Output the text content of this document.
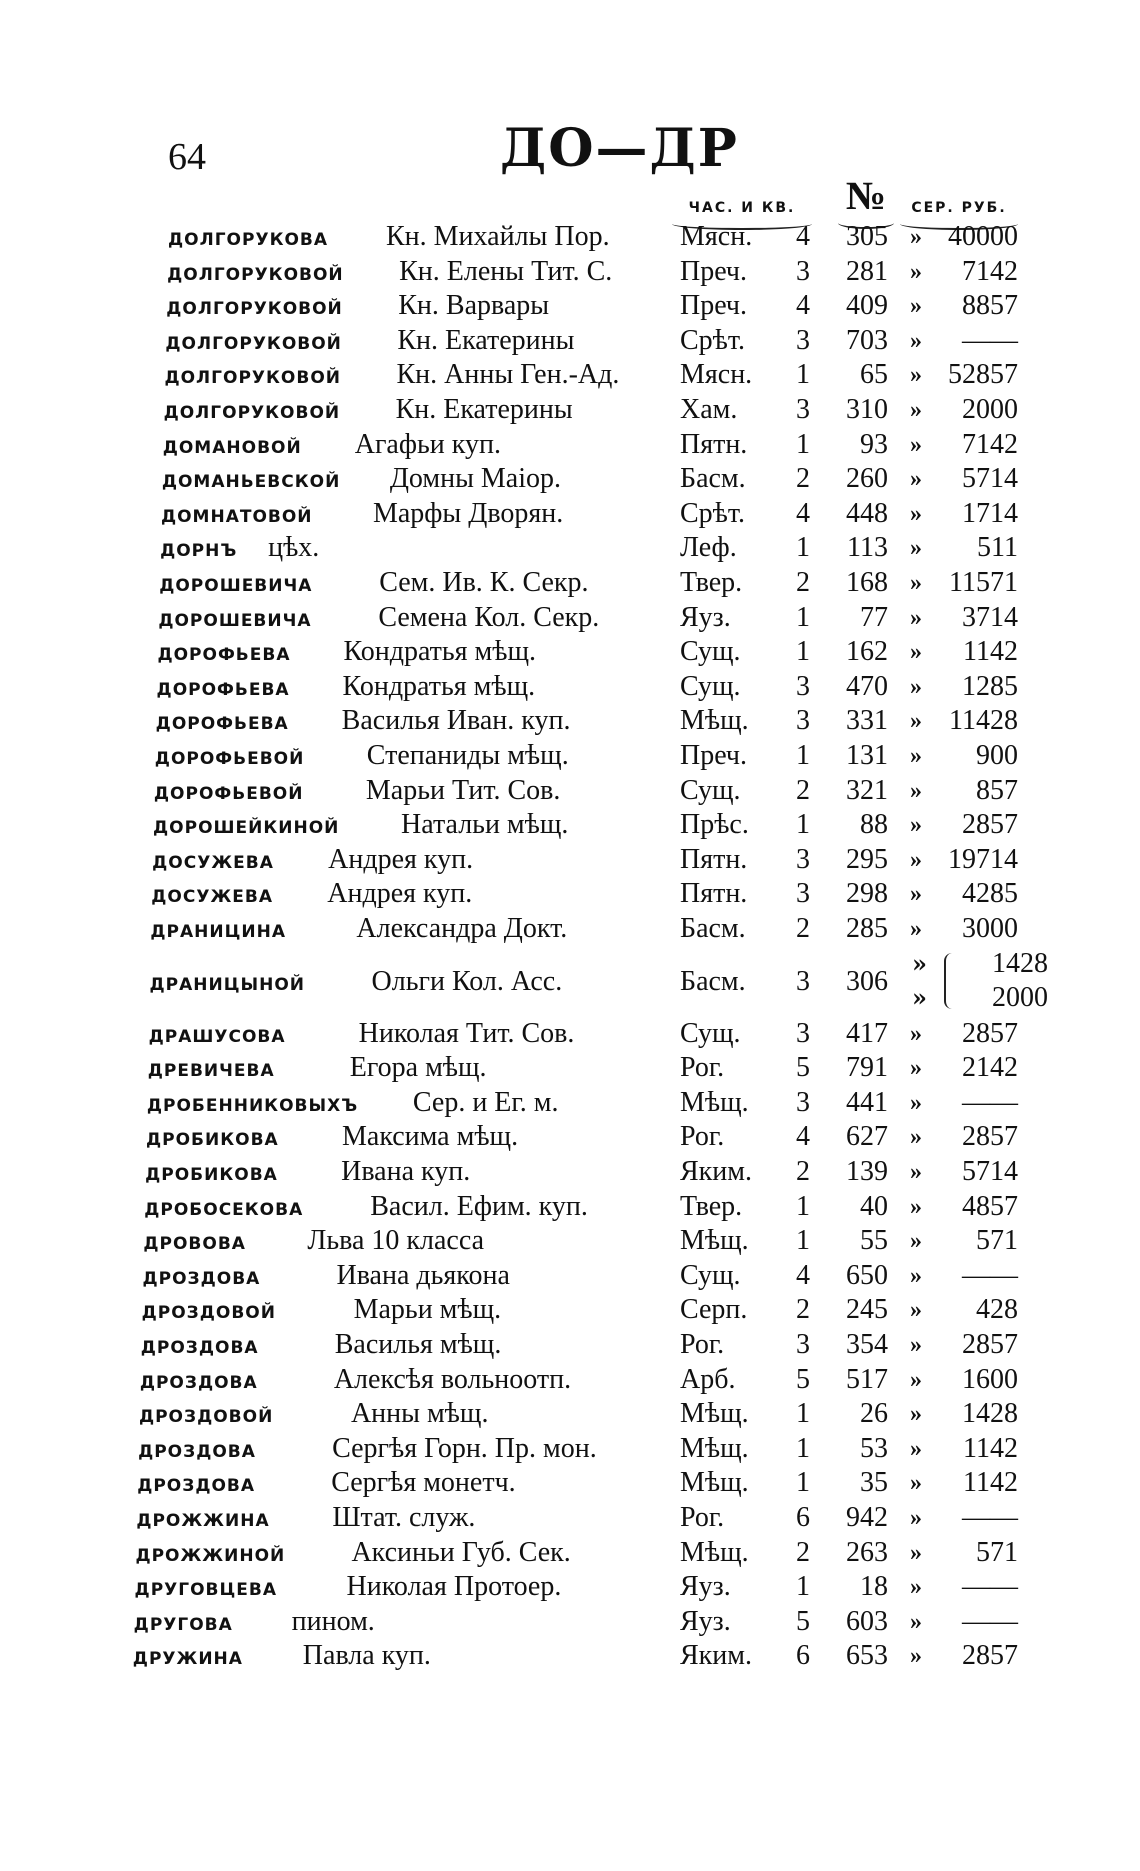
64	ДО—ДР
ЧАС. И КВ.	№	СЕР. РУБ.
долгорукова Кн. Михайлы Пор.	Мясн. 4	305 » 40000
долгоруковой Кн. Елены Тит. С. Преч. 3	281 »	7142
долгоруковой Кн. Варвары	Преч. 4	409 »	8857
долгоруковой Кн. Екатерины	Срѣт. 3	703 »	——
долгоруковой Кн. Анны Ген.-Ад. Мясн. 1	65 » 52857
долгоруковой Кн. Екатерины	Хам. 3	310 »	2000
домановой Агафьи куп.	Пятн. 1	93 »	7142
доманьевской Домны Маіор.	Басм. 2	260 »	5714
домнатовой Марфы Дворян.	Срѣт. 4	448 »	1714
дорнъ цѣх.	Леф. 1	113 »	511
дорошевича Сем. Ив. К. Секр.	Твер. 2	168 » 11571
дорошевича Семена Кол. Секр.	Яуз. 1	77 »	3714
дорофьева Кондратья мѣщ.	Сущ. 1	162 »	1142
дорофьева Кондратья мѣщ.	Сущ. 3	470 »	1285
дорофьева Василья Иван. куп.	Мѣщ. 3	331 » 11428
дорофьевой Степаниды мѣщ.	Преч. 1	131 »	900
дорофьевой Марьи Тит. Сов.	Сущ. 2	321 »	857
дорошейкиной Натальи мѣщ.	Прѣс. 1	88 »	2857
досужева Андрея куп.	Пятн. 3	295 » 19714
досужева Андрея куп.	Пятн. 3	298 »	4285
драницина	Александра Докт.	Басм. 2	285 »	3000
драницыной Ольги Кол. Асс.	Басм. 3	306
» 1428
» 2000
драшусова	Николая Тит. Сов.	Сущ. 3	417 »	2857
древичева	Егора мѣщ.	Рог.	5	791 »	2142
дробенниковыхъ Сер. и Ег. м.	Мѣщ. 3	441 »	——
дробикова Максима мѣщ.	Рог.	4	627 »	2857
дробикова Ивана куп.	Яким. 2	139 »	5714
дробосекова Васил. Ефим. куп.	Твер. 1	40 »	4857
дровова Льва 10 класса	Мѣщ. 1	55 »	571
дроздова	Ивана дьякона	Сущ. 4	650 »	——
дроздовой	Марьи мѣщ.	Серп. 2	245 »	428
дроздова	Василья мѣщ.	Рог.	3	354 »	2857
дроздова	Алексѣя вольноотп.	Арб. 5	517 »	1600
дроздовой	Анны мѣщ.	Мѣщ. 1	26 »	1428
дроздова	Сергѣя Горн. Пр. мон.	Мѣщ. 1	53 »	1142
дроздова	Сергѣя монетч.	Мѣщ. 1	35 »	1142
дрожжина Штат. служ.	Рог.	6	942 »	——
дрожжиной Аксиньи Губ. Сек.	Мѣщ. 2	263 »	571
друговцева Николая Протоер.	Яуз. 1	18 »	——
другова пином.	Яуз. 5	603 »	——
дружина Павла куп.	Яким. 6	653 »	2857
